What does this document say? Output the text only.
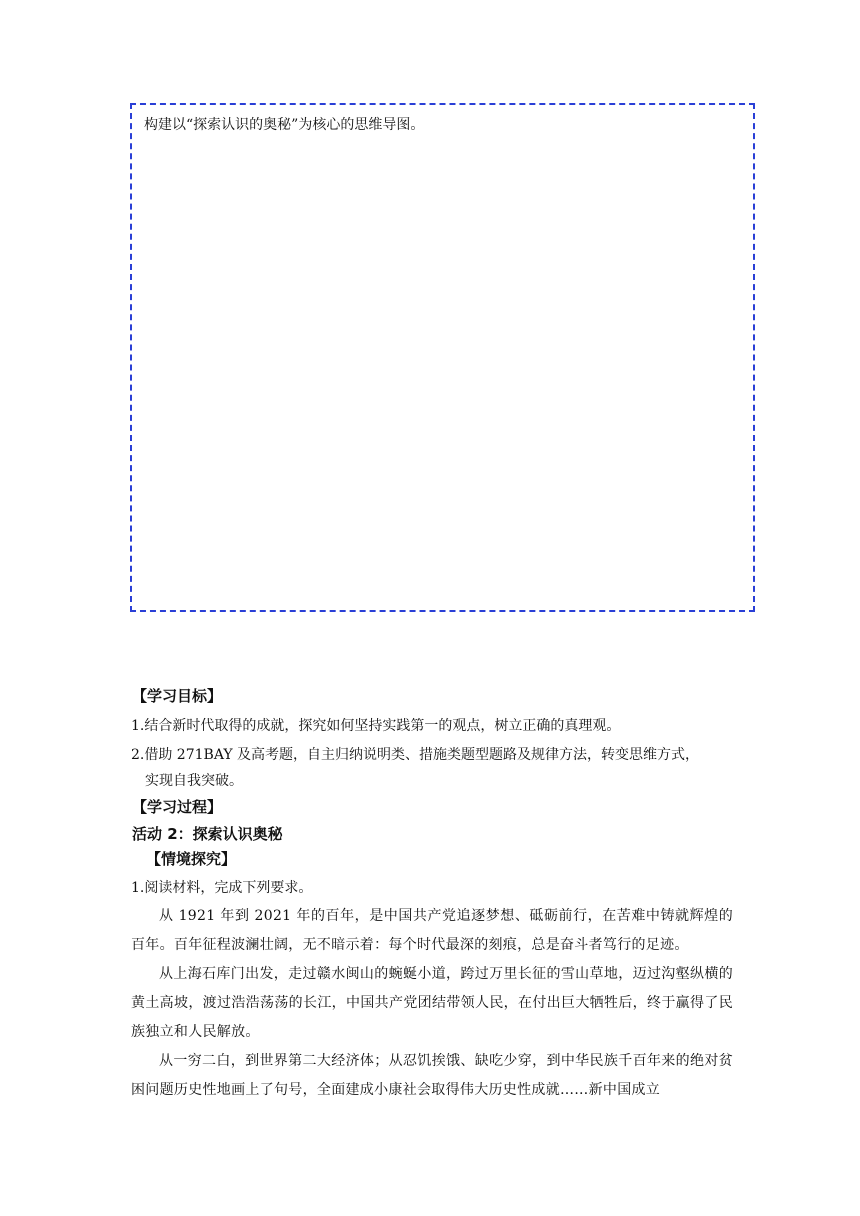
构建以“探索认识的奥秘”为核心的思维导图。
【学习目标】
1.结合新时代取得的成就，探究如何坚持实践第一的观点，树立正确的真理观。
2.借助 271BAY 及高考题，自主归纳说明类、措施类题型题路及规律方法，转变思维方式，
实现自我突破。
【学习过程】
活动 2：探索认识奥秘
【情境探究】
1.阅读材料，完成下列要求。
从 1921 年到 2021 年的百年，是中国共产党追逐梦想、砥砺前行，在苦难中铸就辉煌的百年。百年征程波澜壮阔，无不暗示着：每个时代最深的刻痕，总是奋斗者笃行的足迹。
从上海石库门出发，走过赣水闽山的蜿蜒小道，跨过万里长征的雪山草地，迈过沟壑纵横的黄土高坡，渡过浩浩荡荡的长江，中国共产党团结带领人民，在付出巨大牺牲后，终于赢得了民族独立和人民解放。
从一穷二白，到世界第二大经济体；从忍饥挨饿、缺吃少穿，到中华民族千百年来的绝对贫困问题历史性地画上了句号，全面建成小康社会取得伟大历史性成就……新中国成立
